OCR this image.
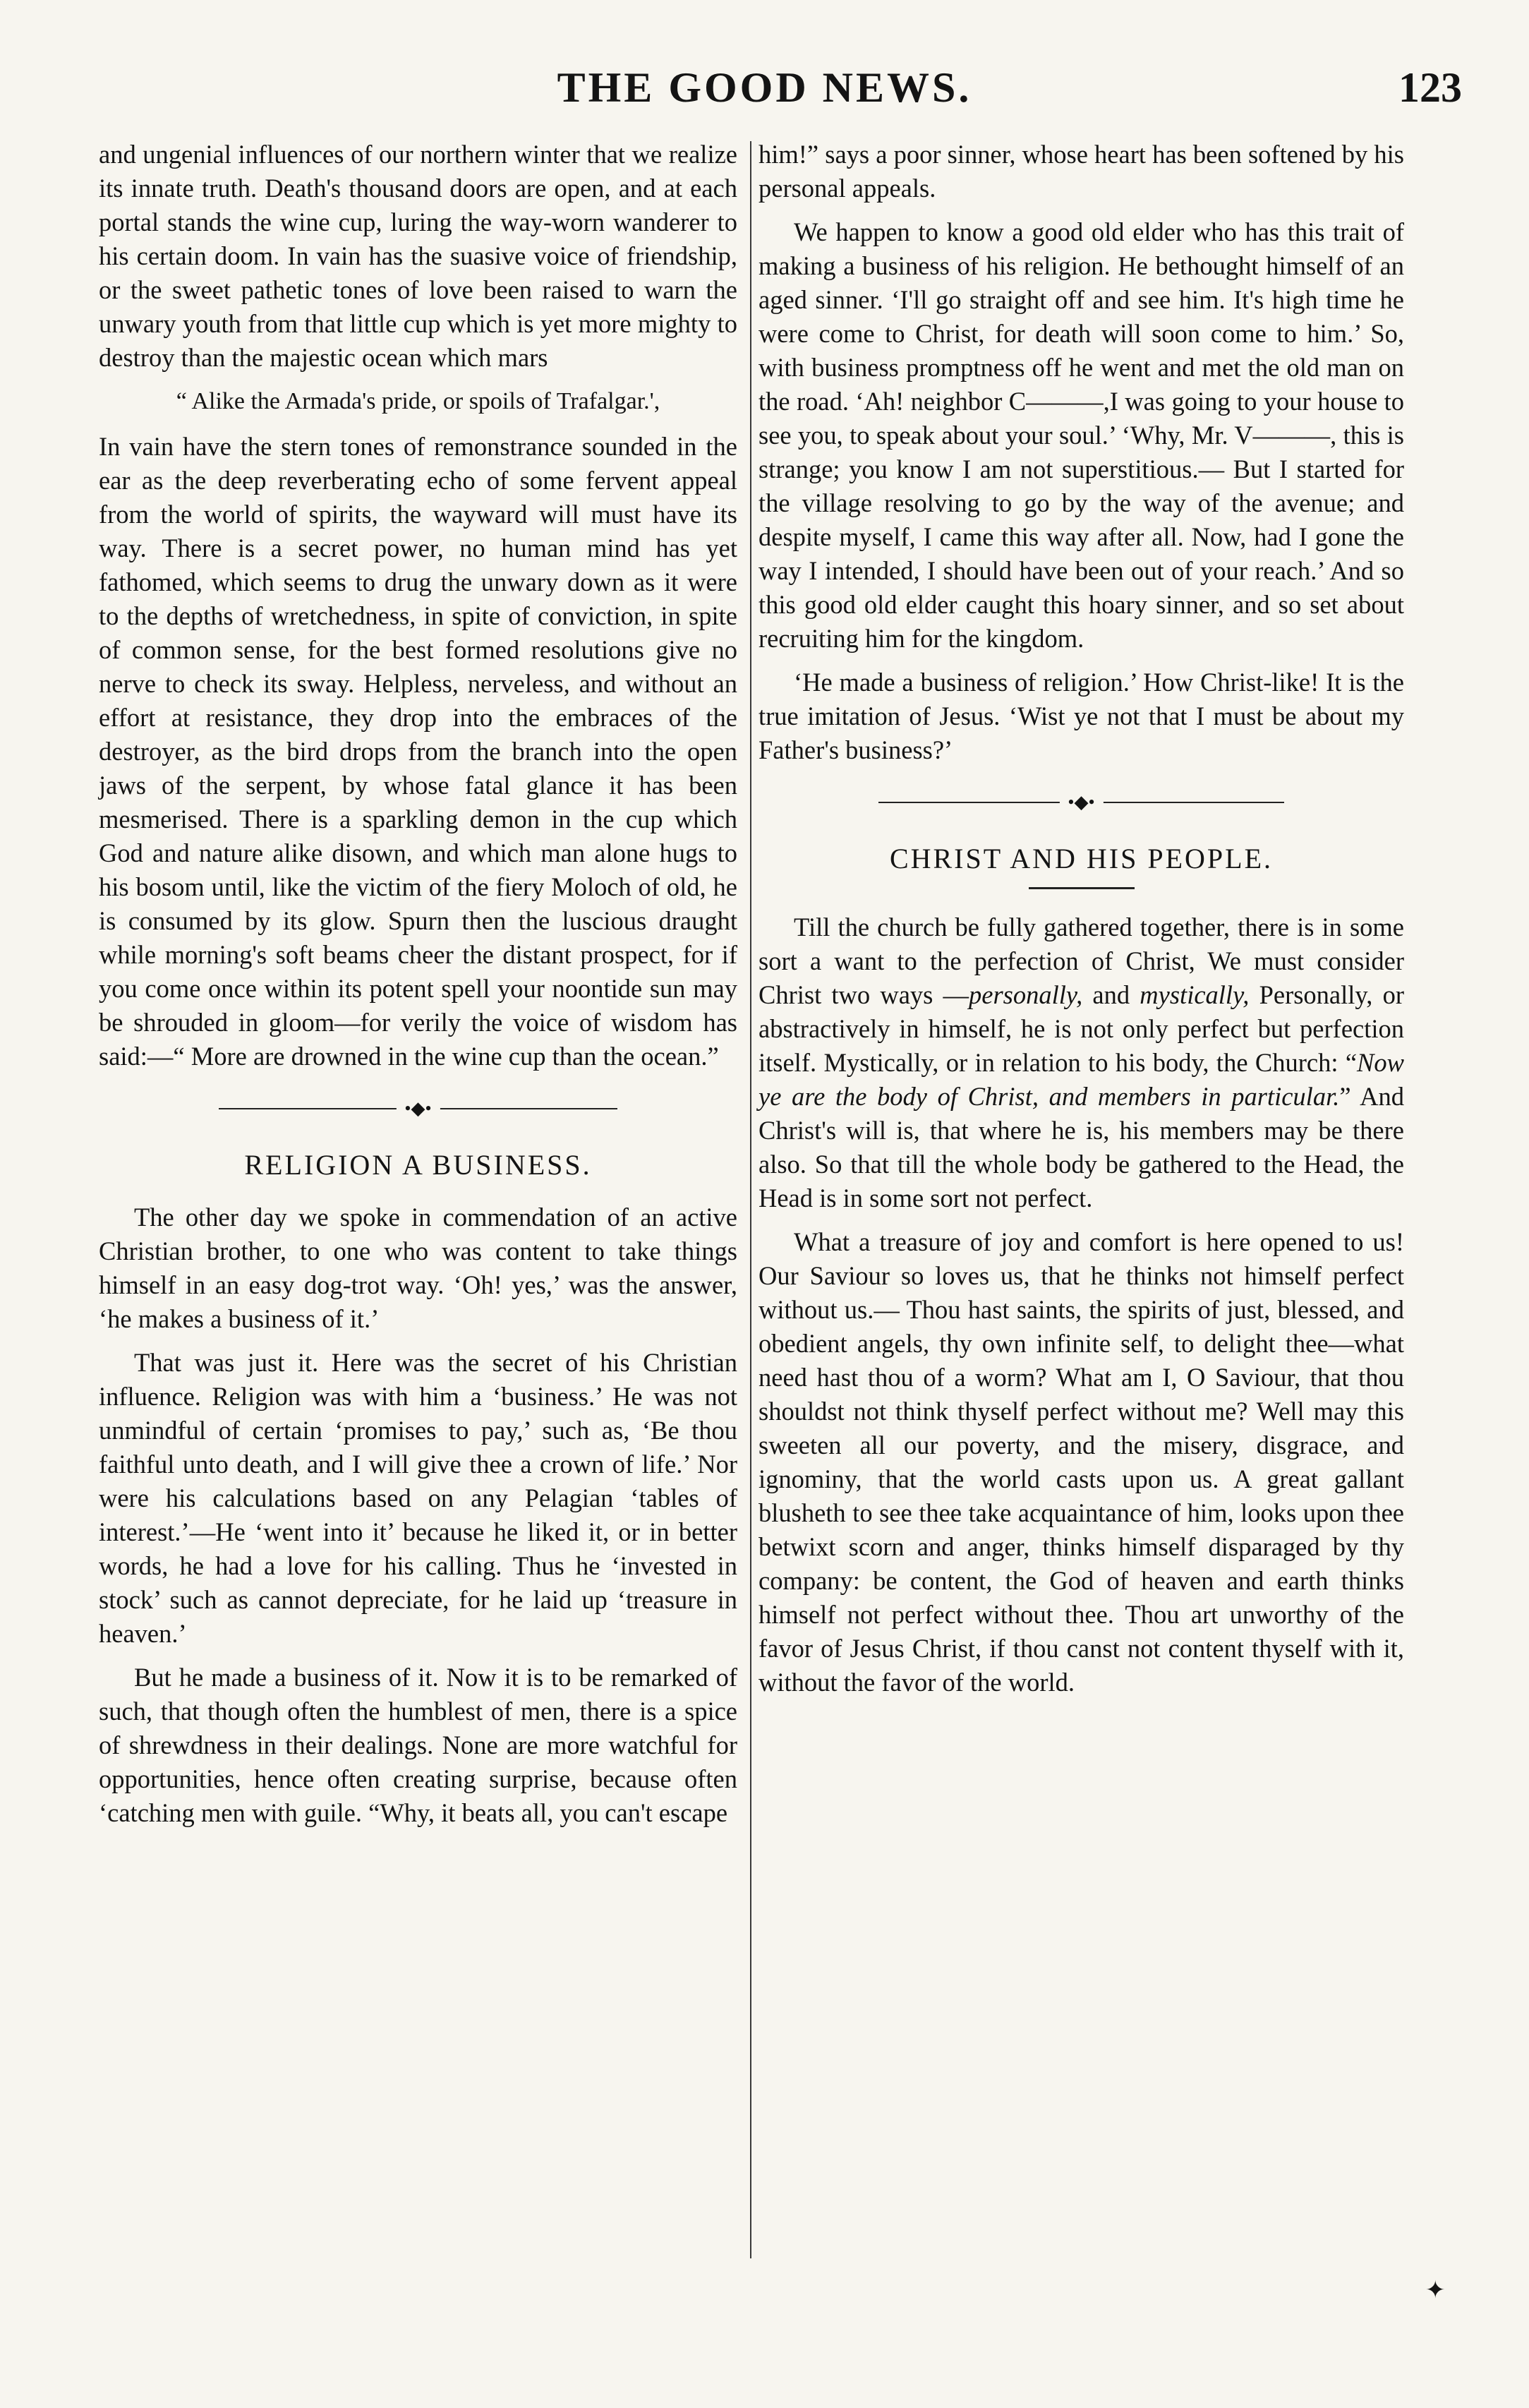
THE GOOD NEWS.	123

and ungenial influences of our northern winter that we realize its innate truth. Death's thousand doors are open, and at each portal stands the wine cup, luring the way-worn wanderer to his certain doom. In vain has the suasive voice of friendship, or the sweet pathetic tones of love been raised to warn the unwary youth from that little cup which is yet more mighty to destroy than the majestic ocean which mars

“ Alike the Armada's pride, or spoils of Trafalgar.',

In vain have the stern tones of remonstrance sounded in the ear as the deep reverberating echo of some fervent appeal from the world of spirits, the wayward will must have its way. There is a secret power, no human mind has yet fathomed, which seems to drug the unwary down as it were to the depths of wretchedness, in spite of conviction, in spite of common sense, for the best formed resolutions give no nerve to check its sway. Helpless, nerveless, and without an effort at resistance, they drop into the embraces of the destroyer, as the bird drops from the branch into the open jaws of the serpent, by whose fatal glance it has been mesmerised. There is a sparkling demon in the cup which God and nature alike disown, and which man alone hugs to his bosom until, like the victim of the fiery Moloch of old, he is consumed by its glow. Spurn then the luscious draught while morning's soft beams cheer the distant prospect, for if you come once within its potent spell your noontide sun may be shrouded in gloom—for verily the voice of wisdom has said:—“ More are drowned in the wine cup than the ocean.”

•◆•
RELIGION A BUSINESS.

The other day we spoke in commendation of an active Christian brother, to one who was content to take things himself in an easy dog-trot way. ‘Oh! yes,’ was the answer, ‘he makes a business of it.’

That was just it. Here was the secret of his Christian influence. Religion was with him a ‘business.’ He was not unmindful of certain ‘promises to pay,’ such as, ‘Be thou faithful unto death, and I will give thee a crown of life.’ Nor were his calculations based on any Pelagian ‘tables of interest.’—He ‘went into it’ because he liked it, or in better words, he had a love for his calling. Thus he ‘invested in stock’ such as cannot depreciate, for he laid up ‘treasure in heaven.’

But he made a business of it. Now it is to be remarked of such, that though often the humblest of men, there is a spice of shrewdness in their dealings. None are more watchful for opportunities, hence often creating surprise, because often ‘catching men with guile. “Why, it beats all, you can't escape

him!” says a poor sinner, whose heart has been softened by his personal appeals.

We happen to know a good old elder who has this trait of making a business of his religion. He bethought himself of an aged sinner. ‘I'll go straight off and see him. It's high time he were come to Christ, for death will soon come to him.’ So, with business promptness off he went and met the old man on the road. ‘Ah! neighbor C———,I was going to your house to see you, to speak about your soul.’ ‘Why, Mr. V———, this is strange; you know I am not superstitious.— But I started for the village resolving to go by the way of the avenue; and despite myself, I came this way after all. Now, had I gone the way I intended, I should have been out of your reach.’ And so this good old elder caught this hoary sinner, and so set about recruiting him for the kingdom.

‘He made a business of religion.’ How Christ-like! It is the true imitation of Jesus. ‘Wist ye not that I must be about my Father's business?’

•◆•
CHRIST AND HIS PEOPLE.

Till the church be fully gathered together, there is in some sort a want to the perfection of Christ, We must consider Christ two ways —personally, and mystically, Personally, or abstractively in himself, he is not only perfect but perfection itself. Mystically, or in relation to his body, the Church: “Now ye are the body of Christ, and members in particular.” And Christ's will is, that where he is, his members may be there also. So that till the whole body be gathered to the Head, the Head is in some sort not perfect.

What a treasure of joy and comfort is here opened to us! Our Saviour so loves us, that he thinks not himself perfect without us.— Thou hast saints, the spirits of just, blessed, and obedient angels, thy own infinite self, to delight thee—what need hast thou of a worm? What am I, O Saviour, that thou shouldst not think thyself perfect without me? Well may this sweeten all our poverty, and the misery, disgrace, and ignominy, that the world casts upon us. A great gallant blusheth to see thee take acquaintance of him, looks upon thee betwixt scorn and anger, thinks himself disparaged by thy company: be content, the God of heaven and earth thinks himself not perfect without thee. Thou art unworthy of the favor of Jesus Christ, if thou canst not content thyself with it, without the favor of the world.

✦
